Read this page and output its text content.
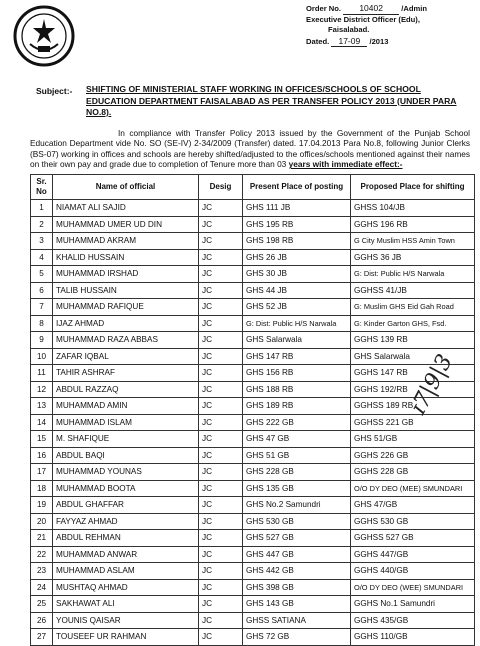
Order No. 10402 /Admin
Executive District Officer (Edu),
Faisalabad.
Dated. 17-09 /2013
Subject:- SHIFTING OF MINISTERIAL STAFF WORKING IN OFFICES/SCHOOLS OF SCHOOL EDUCATION DEPARTMENT FAISALABAD AS PER TRANSFER POLICY 2013 (UNDER PARA NO.8).
In compliance with Transfer Policy 2013 issued by the Government of the Punjab School Education Department vide No. SO (SE-IV) 2-34/2009 (Transfer) dated. 17.04.2013 Para No.8, following Junior Clerks (BS-07) working in offices and schools are hereby shifted/adjusted to the offices/schools mentioned against their names on their own pay and grade due to completion of Tenure more than 03 years with immediate effect:-
Sr. No	Name of official	Desig	Present Place of posting	Proposed Place for shifting
1	NIAMAT ALI SAJID	JC	GHS 111 JB	GHSS 104/JB
2	MUHAMMAD UMER UD DIN	JC	GHS 195 RB	GGHS 196 RB
3	MUHAMMAD AKRAM	JC	GHS 198 RB	G City Muslim HSS Amin Town
4	KHALID HUSSAIN	JC	GHS 26 JB	GGHS 36 JB
5	MUHAMMAD IRSHAD	JC	GHS 30 JB	G: Dist: Public H/S Narwala
6	TALIB HUSSAIN	JC	GHS 44 JB	GGHSS 41/JB
7	MUHAMMAD RAFIQUE	JC	GHS 52 JB	G: Muslim GHS Eid Gah Road
8	IJAZ AHMAD	JC	G: Dist: Public H/S Narwala	G: Kinder Garton GHS, Fsd.
9	MUHAMMAD RAZA ABBAS	JC	GHS Salarwala	GGHS 139 RB
10	ZAFAR IQBAL	JC	GHS 147 RB	GHS Salarwala
11	TAHIR ASHRAF	JC	GHS 156 RB	GGHS 147 RB
12	ABDUL RAZZAQ	JC	GHS 188 RB	GGHS 192/RB
13	MUHAMMAD AMIN	JC	GHS 189 RB	GGHSS 189 RB
14	MUHAMMAD ISLAM	JC	GHS 222 GB	GGHSS 221 GB
15	M. SHAFIQUE	JC	GHS 47 GB	GHS 51/GB
16	ABDUL BAQI	JC	GHS 51 GB	GGHS 226 GB
17	MUHAMMAD YOUNAS	JC	GHS 228 GB	GGHS 228 GB
18	MUHAMMAD BOOTA	JC	GHS 135 GB	O/O DY DEO (MEE) SMUNDARI
19	ABDUL GHAFFAR	JC	GHS No.2 Samundri	GHS 47/GB
20	FAYYAZ AHMAD	JC	GHS 530 GB	GGHS 530 GB
21	ABDUL REHMAN	JC	GHS 527 GB	GGHSS 527 GB
22	MUHAMMAD ANWAR	JC	GHS 447 GB	GGHS 447/GB
23	MUHAMMAD ASLAM	JC	GHS 442 GB	GGHS 440/GB
24	MUSHTAQ AHMAD	JC	GHS 398 GB	O/O DY DEO (WEE) SMUNDARI
25	SAKHAWAT ALI	JC	GHS 143 GB	GGHS No.1 Samundri
26	YOUNIS QAISAR	JC	GHSS SATIANA	GGHS 435/GB
27	TOUSEEF UR RAHMAN	JC	GHS 72 GB	GGHS 110/GB
ɪ7|9|3
